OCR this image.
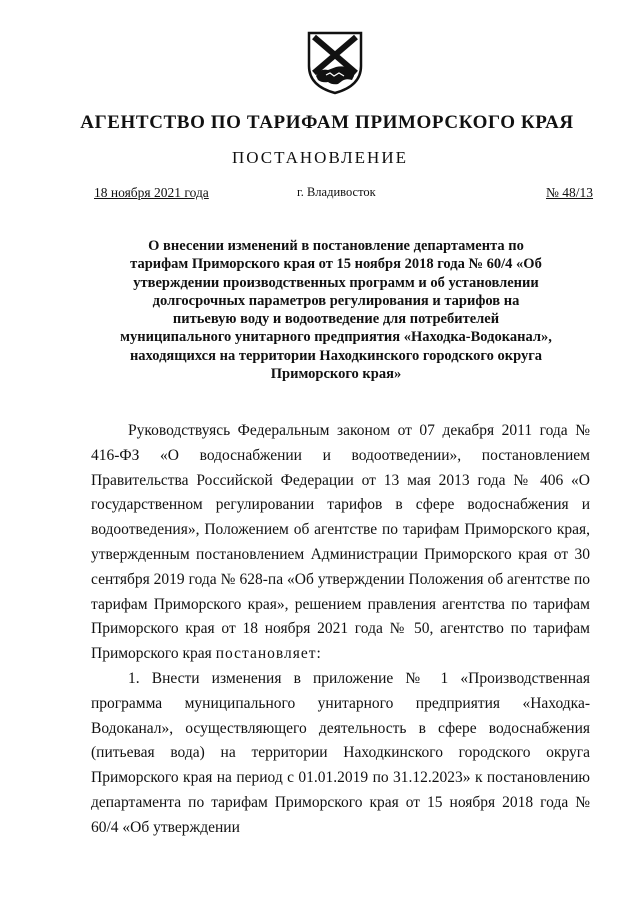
АГЕНТСТВО ПО ТАРИФАМ ПРИМОРСКОГО КРАЯ
ПОСТАНОВЛЕНИЕ
18 ноября 2021 года	г. Владивосток	№ 48/13
О внесении изменений в постановление департамента по тарифам Приморского края от 15 ноября 2018 года № 60/4 «Об утверждении производственных программ и об установлении долгосрочных параметров регулирования и тарифов на питьевую воду и водоотведение для потребителей муниципального унитарного предприятия «Находка-Водоканал», находящихся на территории Находкинского городского округа Приморского края»

Руководствуясь Федеральным законом от 07 декабря 2011 года № 416-ФЗ «О водоснабжении и водоотведении», постановлением Правительства Российской Федерации от 13 мая 2013 года № 406 «О государственном регулировании тарифов в сфере водоснабжения и водоотведения», Положением об агентстве по тарифам Приморского края, утвержденным постановлением Администрации Приморского края от 30 сентября 2019 года № 628-па «Об утверждении Положения об агентстве по тарифам Приморского края», решением правления агентства по тарифам Приморского края от 18 ноября 2021 года № 50, агентство по тарифам Приморского края постановляет:

1. Внести изменения в приложение № 1 «Производственная программа муниципального унитарного предприятия «Находка-Водоканал», осуществляющего деятельность в сфере водоснабжения (питьевая вода) на территории Находкинского городского округа Приморского края на период с 01.01.2019 по 31.12.2023» к постановлению департамента по тарифам Приморского края от 15 ноября 2018 года № 60/4 «Об утверждении
